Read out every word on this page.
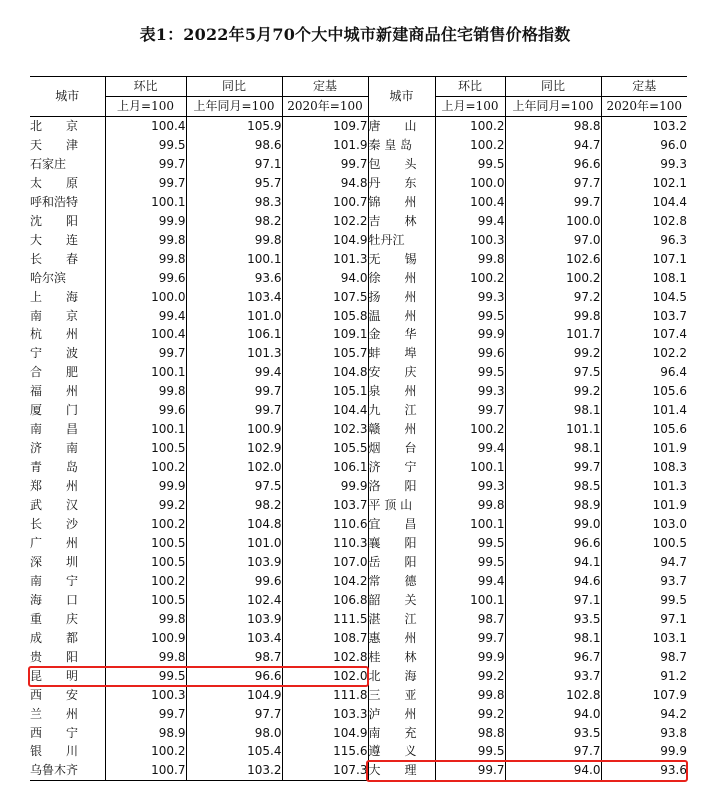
表1：2022年5月70个大中城市新建商品住宅销售价格指数
城市	环比	同比	定基	城市	环比	同比	定基
	上月=100	上年同月=100	2020年=100		上月=100	上年同月=100	2020年=100
北　　京	100.4	105.9	109.7	唐　　山	100.2	98.8	103.2
天　　津	99.5	98.6	101.9	秦 皇 岛	100.2	94.7	96.0
石家庄	99.7	97.1	99.7	包　　头	99.5	96.6	99.3
太　　原	99.7	95.7	94.8	丹　　东	100.0	97.7	102.1
呼和浩特	100.1	98.3	100.7	锦　　州	100.4	99.7	104.4
沈　　阳	99.9	98.2	102.2	吉　　林	99.4	100.0	102.8
大　　连	99.8	99.8	104.9	牡丹江	100.3	97.0	96.3
长　　春	99.8	100.1	101.3	无　　锡	99.8	102.6	107.1
哈尔滨	99.6	93.6	94.0	徐　　州	100.2	100.2	108.1
上　　海	100.0	103.4	107.5	扬　　州	99.3	97.2	104.5
南　　京	99.4	101.0	105.8	温　　州	99.5	99.8	103.7
杭　　州	100.4	106.1	109.1	金　　华	99.9	101.7	107.4
宁　　波	99.7	101.3	105.7	蚌　　埠	99.6	99.2	102.2
合　　肥	100.1	99.4	104.8	安　　庆	99.5	97.5	96.4
福　　州	99.8	99.7	105.1	泉　　州	99.3	99.2	105.6
厦　　门	99.6	99.7	104.4	九　　江	99.7	98.1	101.4
南　　昌	100.1	100.9	102.3	赣　　州	100.2	101.1	105.6
济　　南	100.5	102.9	105.5	烟　　台	99.4	98.1	101.9
青　　岛	100.2	102.0	106.1	济　　宁	100.1	99.7	108.3
郑　　州	99.9	97.5	99.9	洛　　阳	99.3	98.5	101.3
武　　汉	99.2	98.2	103.7	平 顶 山	99.8	98.9	101.9
长　　沙	100.2	104.8	110.6	宜　　昌	100.1	99.0	103.0
广　　州	100.5	101.0	110.3	襄　　阳	99.5	96.6	100.5
深　　圳	100.5	103.9	107.0	岳　　阳	99.5	94.1	94.7
南　　宁	100.2	99.6	104.2	常　　德	99.4	94.6	93.7
海　　口	100.5	102.4	106.8	韶　　关	100.1	97.1	99.5
重　　庆	99.8	103.9	111.5	湛　　江	98.7	93.5	97.1
成　　都	100.9	103.4	108.7	惠　　州	99.7	98.1	103.1
贵　　阳	99.8	98.7	102.8	桂　　林	99.9	96.7	98.7
昆　　明	99.5	96.6	102.0	北　　海	99.2	93.7	91.2
西　　安	100.3	104.9	111.8	三　　亚	99.8	102.8	107.9
兰　　州	99.7	97.7	103.3	泸　　州	99.2	94.0	94.2
西　　宁	98.9	98.0	104.9	南　　充	98.8	93.5	93.8
银　　川	100.2	105.4	115.6	遵　　义	99.5	97.7	99.9
乌鲁木齐	100.7	103.2	107.3	大　　理	99.7	94.0	93.6
